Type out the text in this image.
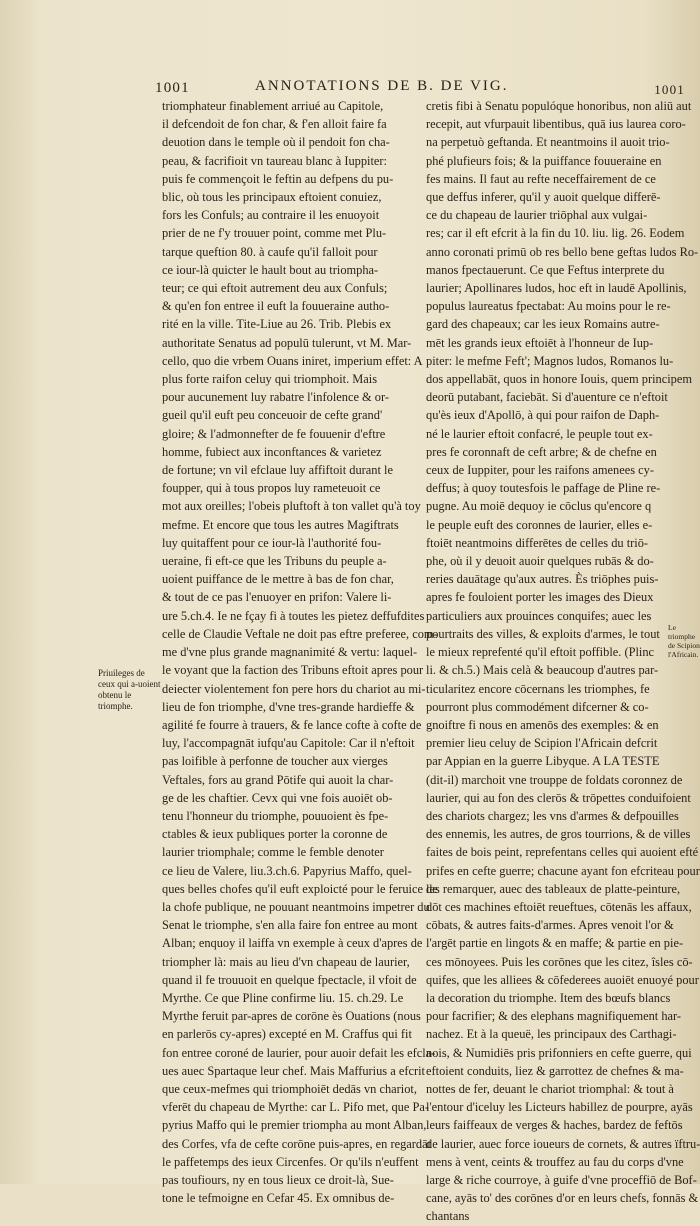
1001	ANNOTATIONS DE B. DE VIG.	1001
Priuileges de ceux qui a-uoient obtenu le triomphe.
Le triomphe de Scipion l'Africain.
triomphateur finablement arriué au Capitole,
il defcendoit de fon char, & f'en alloit faire fa
deuotion dans le temple où il pendoit fon cha-
peau, & facrifioit vn taureau blanc à Iuppiter:
puis fe commençoit le feftin au defpens du pu-
blic, où tous les principaux eftoient conuiez,
fors les Confuls; au contraire il les enuoyoit
prier de ne f'y trouuer point, comme met Plu-
tarque queftion 80. à caufe qu'il falloit pour
ce iour-là quicter le hault bout au triompha-
teur; ce qui eftoit autrement deu aux Confuls;
& qu'en fon entree il euft la fouueraine autho-
rité en la ville. Tite-Liue au 26. Trib. Plebis ex
authoritate Senatus ad populū tulerunt, vt M. Mar-
cello, quo die vrbem Ouans iniret, imperium effet: A
plus forte raifon celuy qui triomphoit. Mais
pour aucunement luy rabatre l'infolence & or-
gueil qu'il euft peu conceuoir de cefte grand'
gloire; & l'admonnefter de fe fouuenir d'eftre
homme, fubiect aux inconftances & varietez
de fortune; vn vil efclaue luy affiftoit durant le
foupper, qui à tous propos luy rameteuoit ce
mot aux oreilles; l'obeis pluftoft à ton vallet qu'à toy
mefme. Et encore que tous les autres Magiftrats
luy quitaffent pour ce iour-là l'authorité fou-
ueraine, fi eft-ce que les Tribuns du peuple a-
uoient puiffance de le mettre à bas de fon char,
& tout de ce pas l'enuoyer en prifon: Valere li-
ure 5.ch.4. Ie ne fçay fi à toutes les pietez deffufdites
celle de Claudie Veftale ne doit pas eftre preferee, com-
me d'vne plus grande magnanimité & vertu: laquel-
le voyant que la faction des Tribuns eftoit apres pour
deiecter violentement fon pere hors du chariot au mi-
lieu de fon triomphe, d'vne tres-grande hardieffe &
agilité fe fourre à trauers, & fe lance cofte à cofte de
luy, l'accompagnāt iufqu'au Capitole: Car il n'eftoit
pas loifible à perfonne de toucher aux vierges
Veftales, fors au grand Pōtife qui auoit la char-
ge de les chaftier. Cevx qui vne fois auoiēt ob-
tenu l'honneur du triomphe, pouuoient ès fpe-
ctables & ieux publiques porter la coronne de
laurier triomphale; comme le femble denoter
ce lieu de Valere, liu.3.ch.6. Papyrius Maffo, quel-
ques belles chofes qu'il euft exploicté pour le feruice de
la chofe publique, ne pouuant neantmoins impetrer du
Senat le triomphe, s'en alla faire fon entree au mont
Alban; enquoy il laiffa vn exemple à ceux d'apres de
triompher là: mais au lieu d'vn chapeau de laurier,
quand il fe trouuoit en quelque fpectacle, il vfoit de
Myrthe. Ce que Pline confirme liu. 15. ch.29. Le
Myrthe feruit par-apres de corōne ès Ouations (nous
en parlerōs cy-apres) excepté en M. Craffus qui fit
fon entree coroné de laurier, pour auoir defait les efcla-
ues auec Spartaque leur chef. Mais Maffurius a efcrit
que ceux-mefmes qui triomphoiēt dedās vn chariot,
vferēt du chapeau de Myrthe: car L. Pifo met, que Pa-
pyrius Maffo qui le premier triompha au mont Alban,
des Corfes, vfa de cefte corōne puis-apres, en regardāt
le paffetemps des ieux Circenfes. Or qu'ils n'euffent
pas toufiours, ny en tous lieux ce droit-là, Sue-
tone le tefmoigne en Cefar 45. Ex omnibus de-
cretis fibi à Senatu populóque honoribus, non aliū aut
recepit, aut vfurpauit libentibus, quā ius laurea coro-
na perpetuò geftanda. Et neantmoins il auoit trio-
phé plufieurs fois; & la puiffance fouueraine en
fes mains. Il faut au refte neceffairement de ce
que deffus inferer, qu'il y auoit quelque differē-
ce du chapeau de laurier triōphal aux vulgai-
res; car il eft efcrit à la fin du 10. liu. lig. 26. Eodem
anno coronati primū ob res bello bene geftas ludos Ro-
manos fpectauerunt. Ce que Feftus interprete du
laurier; Apollinares ludos, hoc eft in laudē Apollinis,
populus laureatus fpectabat: Au moins pour le re-
gard des chapeaux; car les ieux Romains autre-
mēt les grands ieux eftoiēt à l'honneur de Iup-
piter: le mefme Feft'; Magnos ludos, Romanos lu-
dos appellabāt, quos in honore Iouis, quem principem
deorū putabant, faciebāt. Si d'auenture ce n'eftoit
qu'ès ieux d'Apollō, à qui pour raifon de Daph-
né le laurier eftoit confacré, le peuple tout ex-
pres fe coronnaft de ceft arbre; & de chefne en
ceux de Iuppiter, pour les raifons amenees cy-
deffus; à quoy toutesfois le paffage de Pline re-
pugne. Au moiē dequoy ie cōclus qu'encore q
le peuple euft des coronnes de laurier, elles e-
ftoiēt neantmoins differētes de celles du triō-
phe, où il y deuoit auoir quelques rubās & do-
reries dauātage qu'aux autres. Ès triōphes puis-
apres fe fouloient porter les images des Dieux
particuliers aux prouinces conquifes; auec les
pourtraits des villes, & exploits d'armes, le tout
le mieux reprefenté qu'il eftoit poffible. (Plinc
li. & ch.5.) Mais celà & beaucoup d'autres par-
ticularitez encore cōcernans les triomphes, fe
pourront plus commodément difcerner & co-
gnoiftre fi nous en amenōs des exemples: & en
premier lieu celuy de Scipion l'Africain defcrit
par Appian en la guerre Libyque. A LA TESTE
(dit-il) marchoit vne trouppe de foldats coronnez de
laurier, qui au fon des clerōs & trōpettes conduifoient
des chariots chargez; les vns d'armes & defpouilles
des ennemis, les autres, de gros tourrions, & de villes
faites de bois peint, reprefentans celles qui auoient efté
prifes en cefte guerre; chacune ayant fon efcriteau pour
les remarquer, auec des tableaux de platte-peinture,
dōt ces machines eftoiēt reueftues, cōtenās les affaux,
cōbats, & autres faits-d'armes. Apres venoit l'or &
l'argēt partie en lingots & en maffe; & partie en pie-
ces mōnoyees. Puis les corōnes que les citez, îsles cō-
quifes, que les alliees & cōfederees auoiēt enuoyé pour
la decoration du triomphe. Item des bœufs blancs
pour facrifier; & des elephans magnifiquement har-
nachez. Et à la queuë, les principaux des Carthagi-
nois, & Numidiēs pris prifonniers en cefte guerre, qui
eftoient conduits, liez & garrottez de chefnes & ma-
nottes de fer, deuant le chariot triomphal: & tout à
l'entour d'iceluy les Licteurs habillez de pourpre, ayās
leurs faiffeaux de verges & haches, bardez de feftōs
de laurier, auec force ioueurs de cornets, & autres ïftru-
mens à vent, ceints & trouffez au fau du corps d'vne
large & riche courroye, à guife d'vne proceffiō de Bof-
cane, ayās to' des corōnes d'or en leurs chefs, fonnās &
chantans
